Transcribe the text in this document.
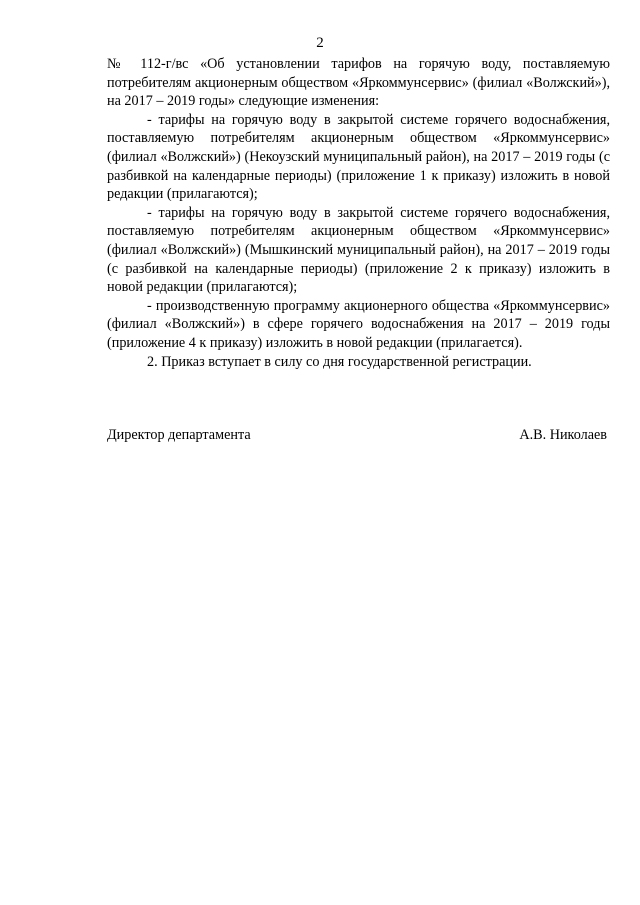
2

№ 112-г/вс «Об установлении тарифов на горячую воду, поставляемую потребителям акционерным обществом «Яркоммунсервис» (филиал «Волжский»), на 2017 – 2019 годы» следующие изменения:

- тарифы на горячую воду в закрытой системе горячего водоснабжения, поставляемую потребителям акционерным обществом «Яркоммунсервис» (филиал «Волжский») (Некоузский муниципальный район), на 2017 – 2019 годы (с разбивкой на календарные периоды) (приложение 1 к приказу) изложить в новой редакции (прилагаются);

- тарифы на горячую воду в закрытой системе горячего водоснабжения, поставляемую потребителям акционерным обществом «Яркоммунсервис» (филиал «Волжский») (Мышкинский муниципальный район), на 2017 – 2019 годы (с разбивкой на календарные периоды) (приложение 2 к приказу) изложить в новой редакции (прилагаются);

- производственную программу акционерного общества «Яркоммунсервис» (филиал «Волжский») в сфере горячего водоснабжения на 2017 – 2019 годы (приложение 4 к приказу) изложить в новой редакции (прилагается).

2. Приказ вступает в силу со дня государственной регистрации.

Директор департамента	А.В. Николаев
